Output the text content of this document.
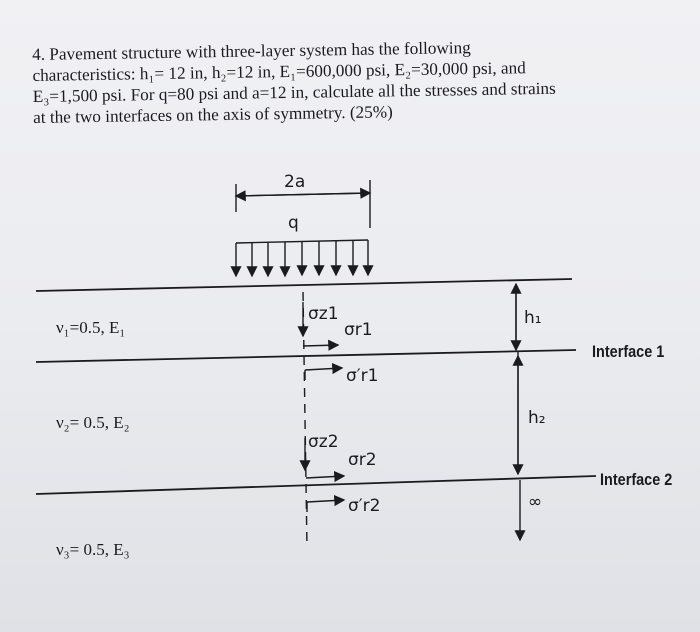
4. Pavement structure with three-layer system has the following
characteristics: h₁= 12 in, h₂=12 in, E₁=600,000 psi, E₂=30,000 psi, and
E₃=1,500 psi. For q=80 psi and a=12 in, calculate all the stresses and strains
at the two interfaces on the axis of symmetry. (25%)
2a
q
ν₁=0.5, E₁
ν₂= 0.5, E₂
ν₃= 0.5, E₃
σz1
σr1
σ′r1
σz2
σr2
σ′r2
h₁
h₂
∞
Interface 1
Interface 2
